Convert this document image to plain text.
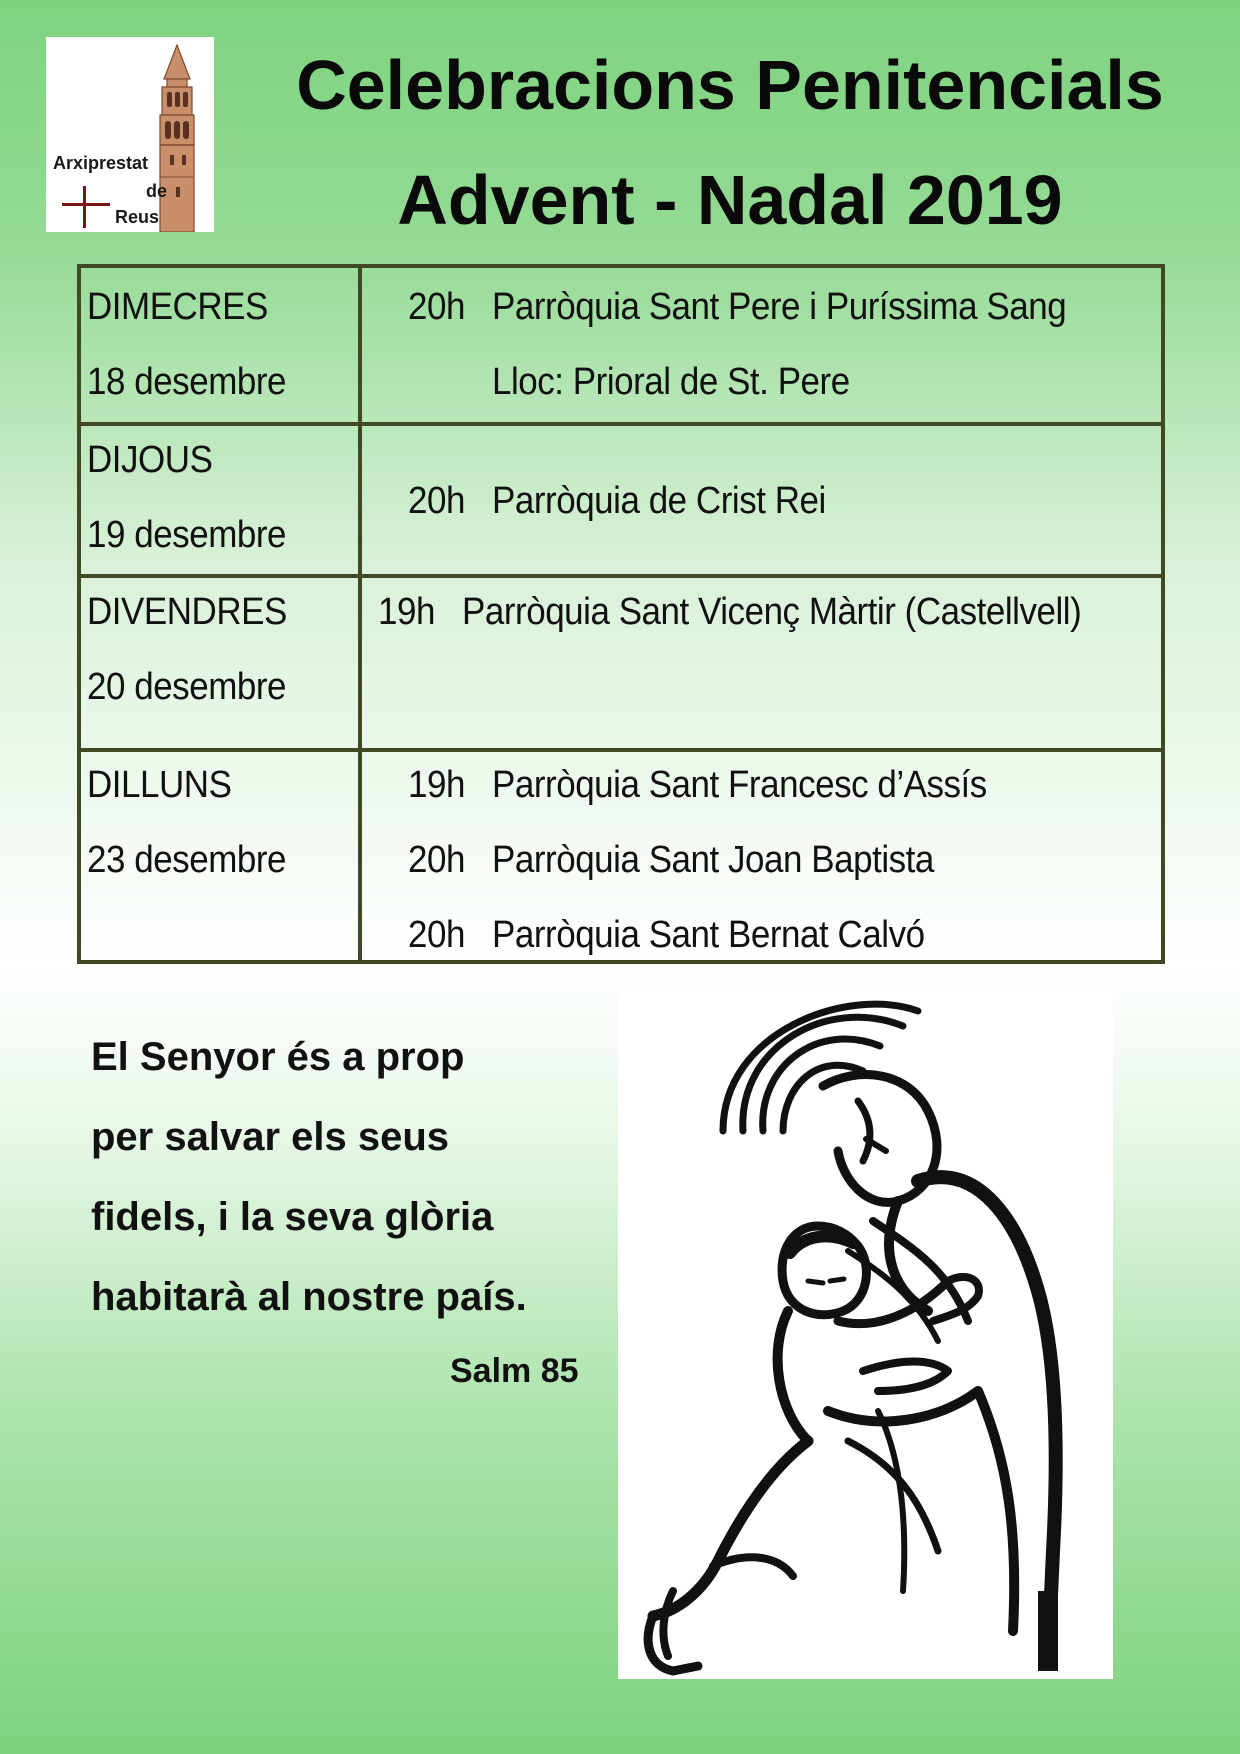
Arxiprestat
de
Reus
Celebracions Penitencials
Advent - Nadal 2019
DIMECRES
18 desembre
20h Parròquia Sant Pere i Puríssima Sang
Lloc: Prioral de St. Pere
DIJOUS
19 desembre
20h Parròquia de Crist Rei
DIVENDRES
20 desembre
19h Parròquia Sant Vicenç Màrtir (Castellvell)
DILLUNS
23 desembre
19h Parròquia Sant Francesc d’Assís
20h Parròquia Sant Joan Baptista
20h Parròquia Sant Bernat Calvó
El Senyor és a prop
per salvar els seus
fidels, i la seva glòria
habitarà al nostre país.
Salm 85
